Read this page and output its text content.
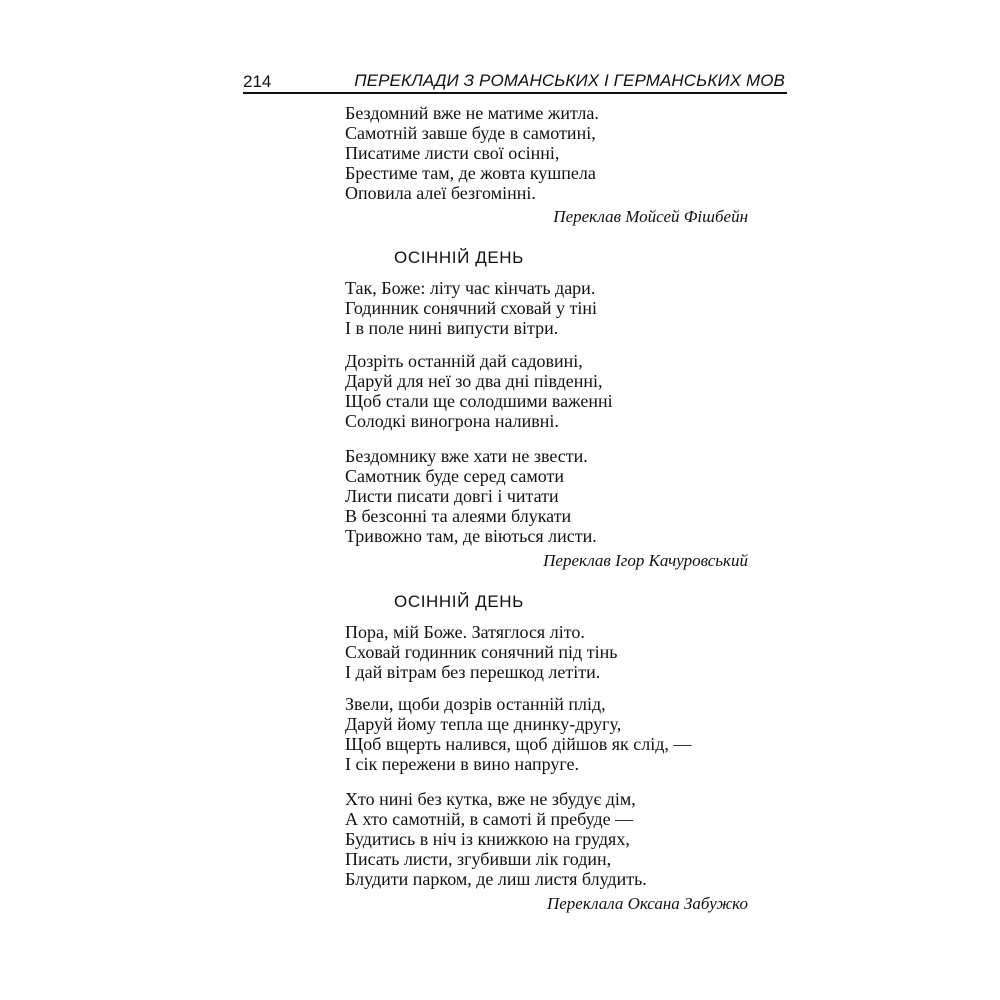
214	ПЕРЕКЛАДИ З РОМАНСЬКИХ І ГЕРМАНСЬКИХ МОВ
Бездомний вже не матиме житла.
Самотній завше буде в самотині,
Писатиме листи свої осінні,
Брестиме там, де жовта кушпела
Оповила алеї безгомінні.
Переклав Мойсей Фішбейн
ОСІННІЙ ДЕНЬ
Так, Боже: літу час кінчать дари.
Годинник сонячний сховай у тіні
І в поле нині випусти вітри.
Дозріть останній дай садовині,
Даруй для неї зо два дні південні,
Щоб стали ще солодшими важенні
Солодкі виногрона наливні.
Бездомнику вже хати не звести.
Самотник буде серед самоти
Листи писати довгі і читати
В безсонні та алеями блукати
Тривожно там, де віються листи.
Переклав Ігор Качуровський
ОСІННІЙ ДЕНЬ
Пора, мій Боже. Затяглося літо.
Сховай годинник сонячний під тінь
І дай вітрам без перешкод летіти.
Звели, щоби дозрів останній плід,
Даруй йому тепла ще днинку-другу,
Щоб вщерть налився, щоб дійшов як слід, —
І сік пережени в вино напруге.
Хто нині без кутка, вже не збудує дім,
А хто самотній, в самоті й пребуде —
Будитись в ніч із книжкою на грудях,
Писать листи, згубивши лік годин,
Блудити парком, де лиш листя блудить.
Переклала Оксана Забужко
